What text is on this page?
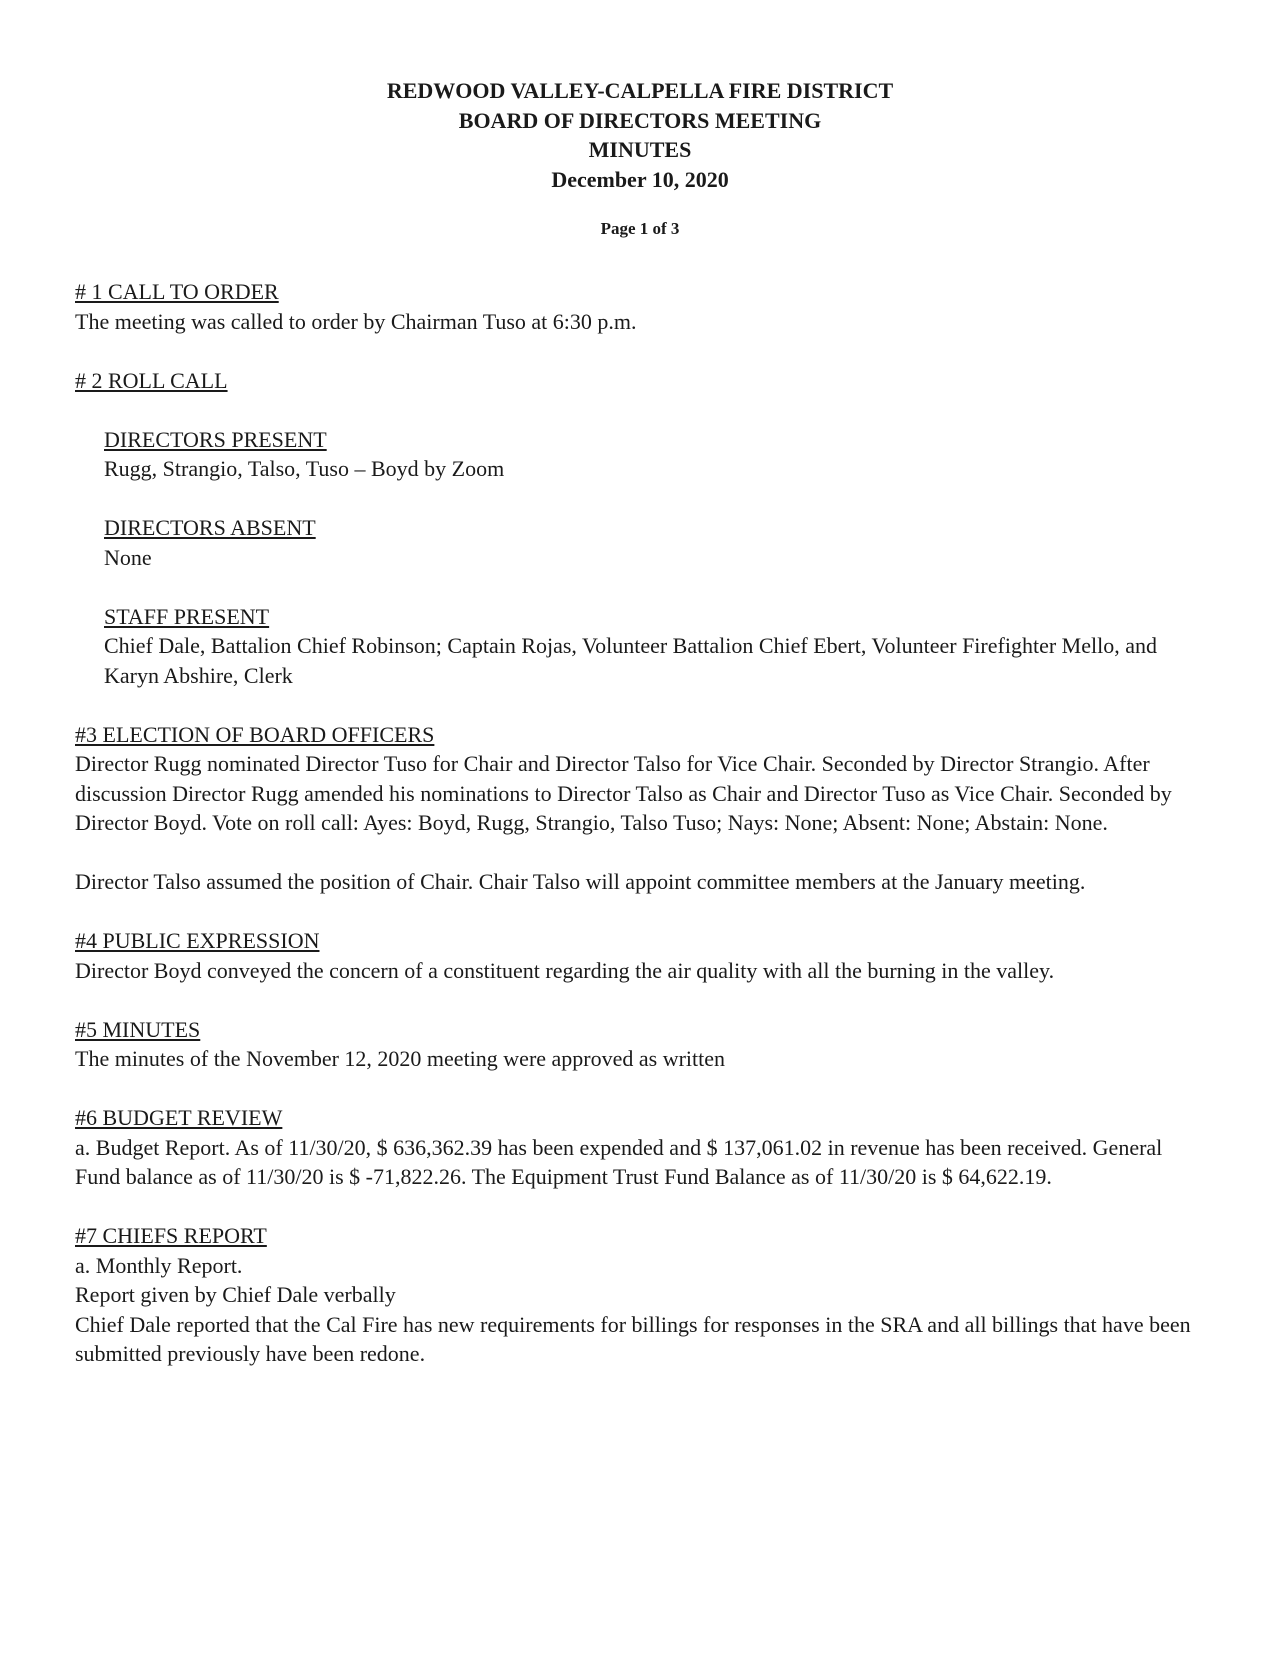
REDWOOD VALLEY-CALPELLA FIRE DISTRICT
BOARD OF DIRECTORS MEETING
MINUTES
December 10, 2020
Page 1 of 3
# 1 CALL TO ORDER

The meeting was called to order by Chairman Tuso at 6:30 p.m.

# 2 ROLL CALL
DIRECTORS PRESENT

Rugg, Strangio, Talso, Tuso – Boyd by Zoom

DIRECTORS ABSENT

None

STAFF PRESENT

Chief Dale, Battalion Chief Robinson; Captain Rojas, Volunteer Battalion Chief Ebert, Volunteer Firefighter Mello, and Karyn Abshire, Clerk

#3 ELECTION OF BOARD OFFICERS

Director Rugg nominated Director Tuso for Chair and Director Talso for Vice Chair. Seconded by Director Strangio. After discussion Director Rugg amended his nominations to Director Talso as Chair and Director Tuso as Vice Chair. Seconded by Director Boyd. Vote on roll call: Ayes: Boyd, Rugg, Strangio, Talso Tuso; Nays: None; Absent: None; Abstain: None.

Director Talso assumed the position of Chair. Chair Talso will appoint committee members at the January meeting.

#4 PUBLIC EXPRESSION

Director Boyd conveyed the concern of a constituent regarding the air quality with all the burning in the valley.

#5 MINUTES

The minutes of the November 12, 2020 meeting were approved as written

#6 BUDGET REVIEW

a. Budget Report. As of 11/30/20, $ 636,362.39 has been expended and $ 137,061.02 in revenue has been received. General Fund balance as of 11/30/20 is $ -71,822.26. The Equipment Trust Fund Balance as of 11/30/20 is $ 64,622.19.

#7 CHIEFS REPORT

a. Monthly Report.

Report given by Chief Dale verbally

Chief Dale reported that the Cal Fire has new requirements for billings for responses in the SRA and all billings that have been submitted previously have been redone.
